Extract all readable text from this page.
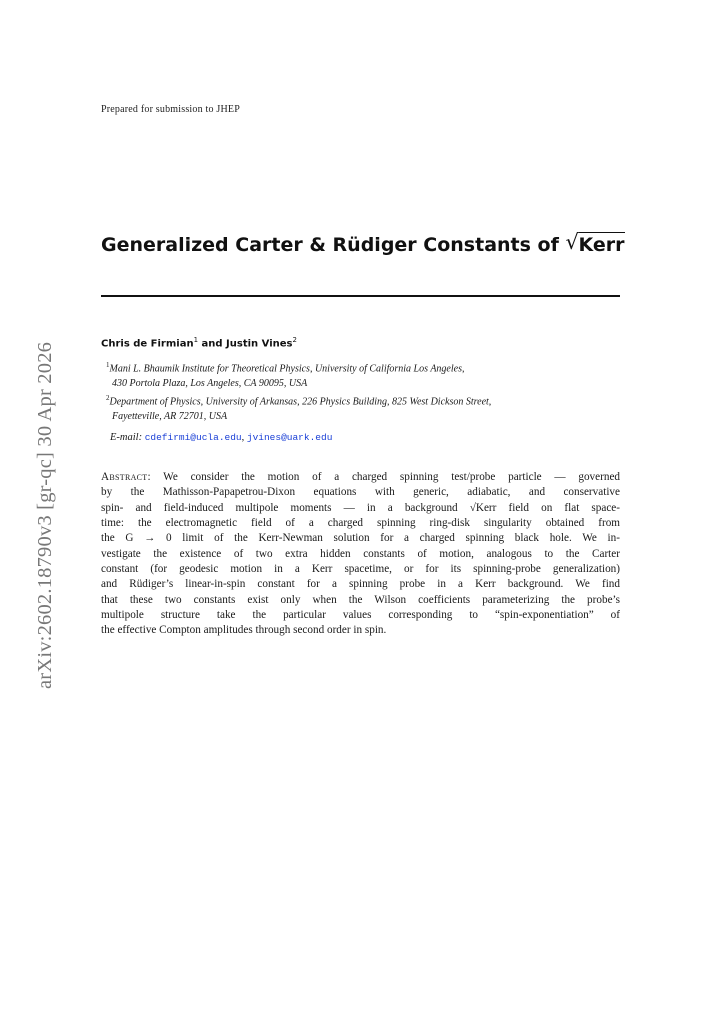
arXiv:2602.18790v3 [gr-qc] 30 Apr 2026
Prepared for submission to JHEP
Generalized Carter & Rüdiger Constants of √ Kerr
Chris de Firmian$^1$ and Justin Vines$^2$
$^1$Mani L. Bhaumik Institute for Theoretical Physics, University of California Los Angeles,
430 Portola Plaza, Los Angeles, CA 90095, USA
$^2$Department of Physics, University of Arkansas, 226 Physics Building, 825 West Dickson Street,
Fayetteville, AR 72701, USA
E-mail: cdefirmi@ucla.edu, jvines@uark.edu
Abstract: We consider the motion of a charged spinning test/probe particle — governed
by the Mathisson-Papapetrou-Dixon equations with generic, adiabatic, and conservative
spin- and field-induced multipole moments — in a background √Kerr field on flat space-
time: the electromagnetic field of a charged spinning ring-disk singularity obtained from
the G → 0 limit of the Kerr-Newman solution for a charged spinning black hole. We in-
vestigate the existence of two extra hidden constants of motion, analogous to the Carter
constant (for geodesic motion in a Kerr spacetime, or for its spinning-probe generalization)
and Rüdiger’s linear-in-spin constant for a spinning probe in a Kerr background. We find
that these two constants exist only when the Wilson coefficients parameterizing the probe’s
multipole structure take the particular values corresponding to “spin-exponentiation” of
the effective Compton amplitudes through second order in spin.
